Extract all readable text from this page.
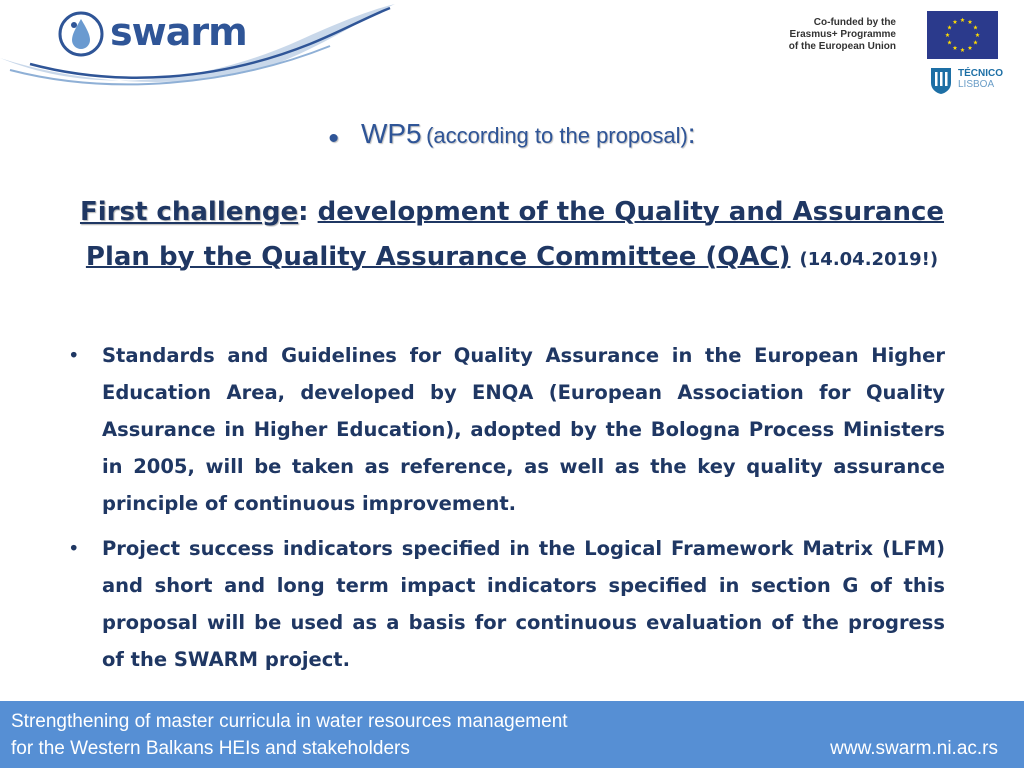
swarm	Co-funded by the
Erasmus+ Programme
of the European Union
TÉCNICO
LISBOA
• WP5 (according to the proposal):
First challenge: development of the Quality and Assurance
Plan by the Quality Assurance Committee (QAC) (14.04.2019!)
• Standards and Guidelines for Quality Assurance in the European Higher Education Area, developed by ENQA (European Association for Quality Assurance in Higher Education), adopted by the Bologna Process Ministers in 2005, will be taken as reference, as well as the key quality assurance principle of continuous improvement.
• Project success indicators specified in the Logical Framework Matrix (LFM) and short and long term impact indicators specified in section G of this proposal will be used as a basis for continuous evaluation of the progress of the SWARM project.
Strengthening of master curricula in water resources management
for the Western Balkans HEIs and stakeholders	www.swarm.ni.ac.rs
